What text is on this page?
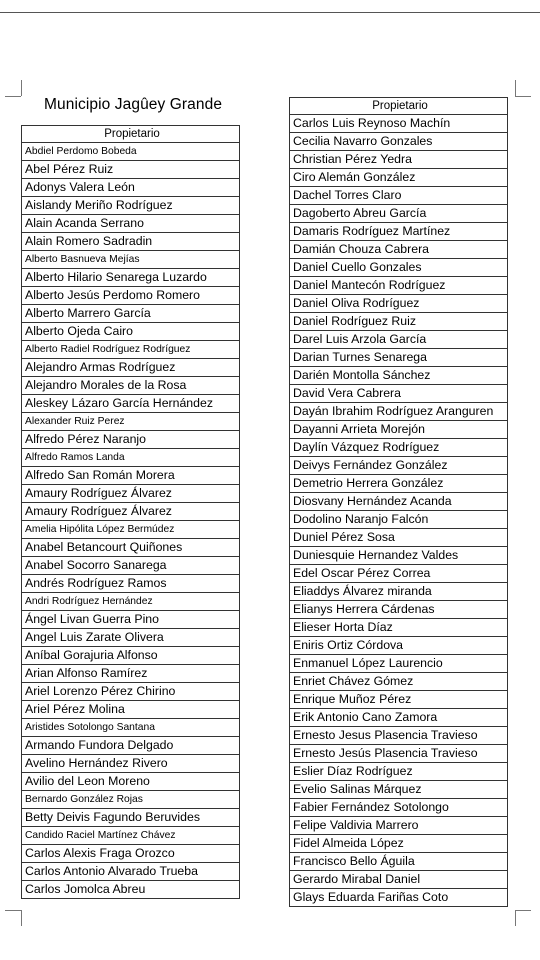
Municipio Jagûey Grande
Propietario
Abdiel Perdomo Bobeda
Abel Pérez Ruiz
Adonys Valera León
Aislandy Meriño Rodríguez
Alain Acanda Serrano
Alain Romero Sadradin
Alberto Basnueva Mejías
Alberto Hilario Senarega Luzardo
Alberto Jesús Perdomo Romero
Alberto Marrero García
Alberto Ojeda Cairo
Alberto Radiel Rodríguez Rodríguez
Alejandro Armas Rodríguez
Alejandro Morales de la Rosa
Aleskey Lázaro García Hernández
Alexander Ruiz Perez
Alfredo Pérez Naranjo
Alfredo Ramos Landa
Alfredo San Román Morera
Amaury Rodríguez Álvarez
Amaury Rodríguez Álvarez
Amelia Hipólita López Bermúdez
Anabel Betancourt Quiñones
Anabel Socorro Sanarega
Andrés Rodríguez Ramos
Andri Rodríguez Hernández
Ángel Livan Guerra Pino
Angel Luis Zarate Olivera
Aníbal Gorajuria Alfonso
Arian Alfonso Ramírez
Ariel Lorenzo Pérez Chirino
Ariel Pérez Molina
Aristides Sotolongo Santana
Armando Fundora Delgado
Avelino Hernández Rivero
Avilio del Leon Moreno
Bernardo González Rojas
Betty Deivis Fagundo Beruvides
Candido Raciel Martínez Chávez
Carlos Alexis Fraga Orozco
Carlos Antonio Alvarado Trueba
Carlos Jomolca Abreu
Propietario
Carlos Luis Reynoso Machín
Cecilia Navarro Gonzales
Christian Pérez Yedra
Ciro Alemán González
Dachel Torres Claro
Dagoberto Abreu García
Damaris Rodríguez Martínez
Damián Chouza Cabrera
Daniel Cuello Gonzales
Daniel Mantecón Rodríguez
Daniel Oliva Rodríguez
Daniel Rodríguez Ruiz
Darel Luis Arzola García
Darian Turnes Senarega
Darién Montolla Sánchez
David Vera Cabrera
Dayán Ibrahim Rodríguez Aranguren
Dayanni Arrieta Morejón
Daylín Vázquez Rodríguez
Deivys Fernández González
Demetrio Herrera González
Diosvany Hernández Acanda
Dodolino Naranjo Falcón
Duniel Pérez Sosa
Duniesquie Hernandez Valdes
Edel Oscar Pérez Correa
Eliaddys Álvarez miranda
Elianys Herrera Cárdenas
Elieser Horta Díaz
Eniris Ortiz Córdova
Enmanuel López Laurencio
Enriet Chávez Gómez
Enrique Muñoz Pérez
Erik Antonio Cano Zamora
Ernesto Jesus Plasencia Travieso
Ernesto Jesús Plasencia Travieso
Eslier Díaz Rodríguez
Evelio Salinas Márquez
Fabier Fernández Sotolongo
Felipe Valdivia Marrero
Fidel Almeida López
Francisco Bello Águila
Gerardo Mirabal Daniel
Glays Eduarda Fariñas Coto
